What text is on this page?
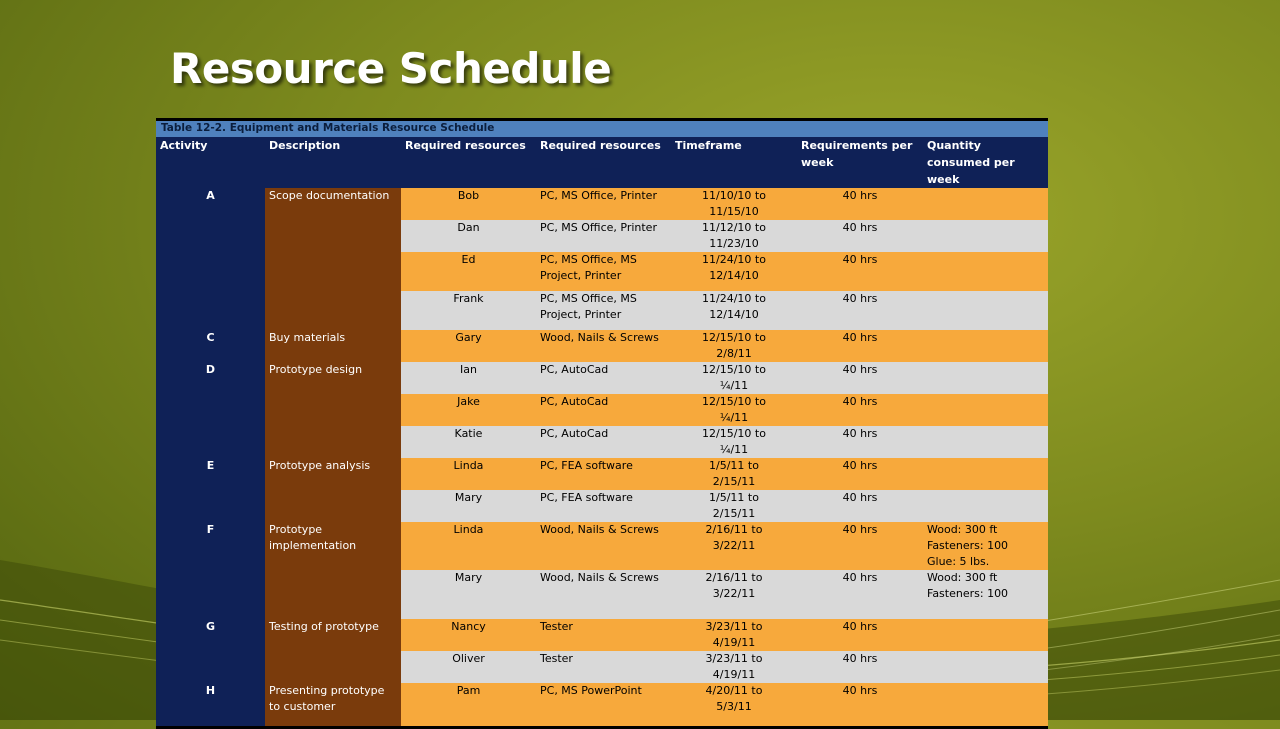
Resource Schedule
Table 12-2. Equipment and Materials Resource Schedule						
Activity	Description	Required resources	Required resources	Timeframe	Requirements per week	Quantity consumed per week
A	Scope documentation	Bob	PC, MS Office, Printer	11/10/10 to 11/15/10	40 hrs	
		Dan	PC, MS Office, Printer	11/12/10 to 11/23/10	40 hrs	
		Ed	PC, MS Office, MS Project, Printer	11/24/10 to 12/14/10	40 hrs	
		Frank	PC, MS Office, MS Project, Printer	11/24/10 to 12/14/10	40 hrs	
C	Buy materials	Gary	Wood, Nails & Screws	12/15/10 to 2/8/11	40 hrs	
D	Prototype design	Ian	PC, AutoCad	12/15/10 to ¼/11	40 hrs	
		Jake	PC, AutoCad	12/15/10 to ¼/11	40 hrs	
		Katie	PC, AutoCad	12/15/10 to ¼/11	40 hrs	
E	Prototype analysis	Linda	PC, FEA software	1/5/11 to 2/15/11	40 hrs	
		Mary	PC, FEA software	1/5/11 to 2/15/11	40 hrs	
F	Prototype implementation	Linda	Wood, Nails & Screws	2/16/11 to 3/22/11	40 hrs	Wood: 300 ft
Fasteners: 100
Glue: 5 lbs.
		Mary	Wood, Nails & Screws	2/16/11 to 3/22/11	40 hrs	Wood: 300 ft
Fasteners: 100
G	Testing of prototype	Nancy	Tester	3/23/11 to 4/19/11	40 hrs	
		Oliver	Tester	3/23/11 to 4/19/11	40 hrs	
H	Presenting prototype to customer	Pam	PC, MS PowerPoint	4/20/11 to 5/3/11	40 hrs	
